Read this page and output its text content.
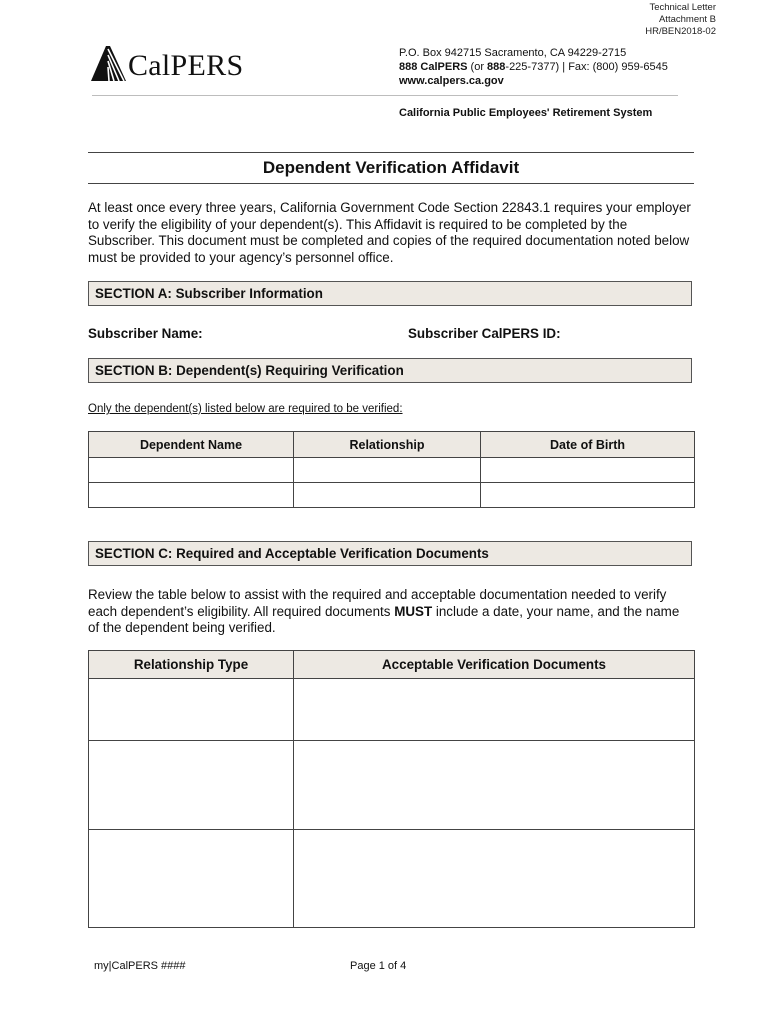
Technical Letter
Attachment B
HR/BEN2018-02
CalPERS	P.O. Box 942715 Sacramento, CA 94229-2715
888 CalPERS (or 888-225-7377) | Fax: (800) 959-6545
www.calpers.ca.gov
California Public Employees' Retirement System
Dependent Verification Affidavit
At least once every three years, California Government Code Section 22843.1 requires your employer to verify the eligibility of your dependent(s). This Affidavit is required to be completed by the Subscriber. This document must be completed and copies of the required documentation noted below must be provided to your agency’s personnel office.
SECTION A: Subscriber Information
Subscriber Name:	Subscriber CalPERS ID:
SECTION B: Dependent(s) Requiring Verification
Only the dependent(s) listed below are required to be verified:
Dependent Name	Relationship	Date of Birth

SECTION C: Required and Acceptable Verification Documents
Review the table below to assist with the required and acceptable documentation needed to verify each dependent’s eligibility. All required documents MUST include a date, your name, and the name of the dependent being verified.
Relationship Type	Acceptable Verification Documents

my|CalPERS ####	Page 1 of 4
